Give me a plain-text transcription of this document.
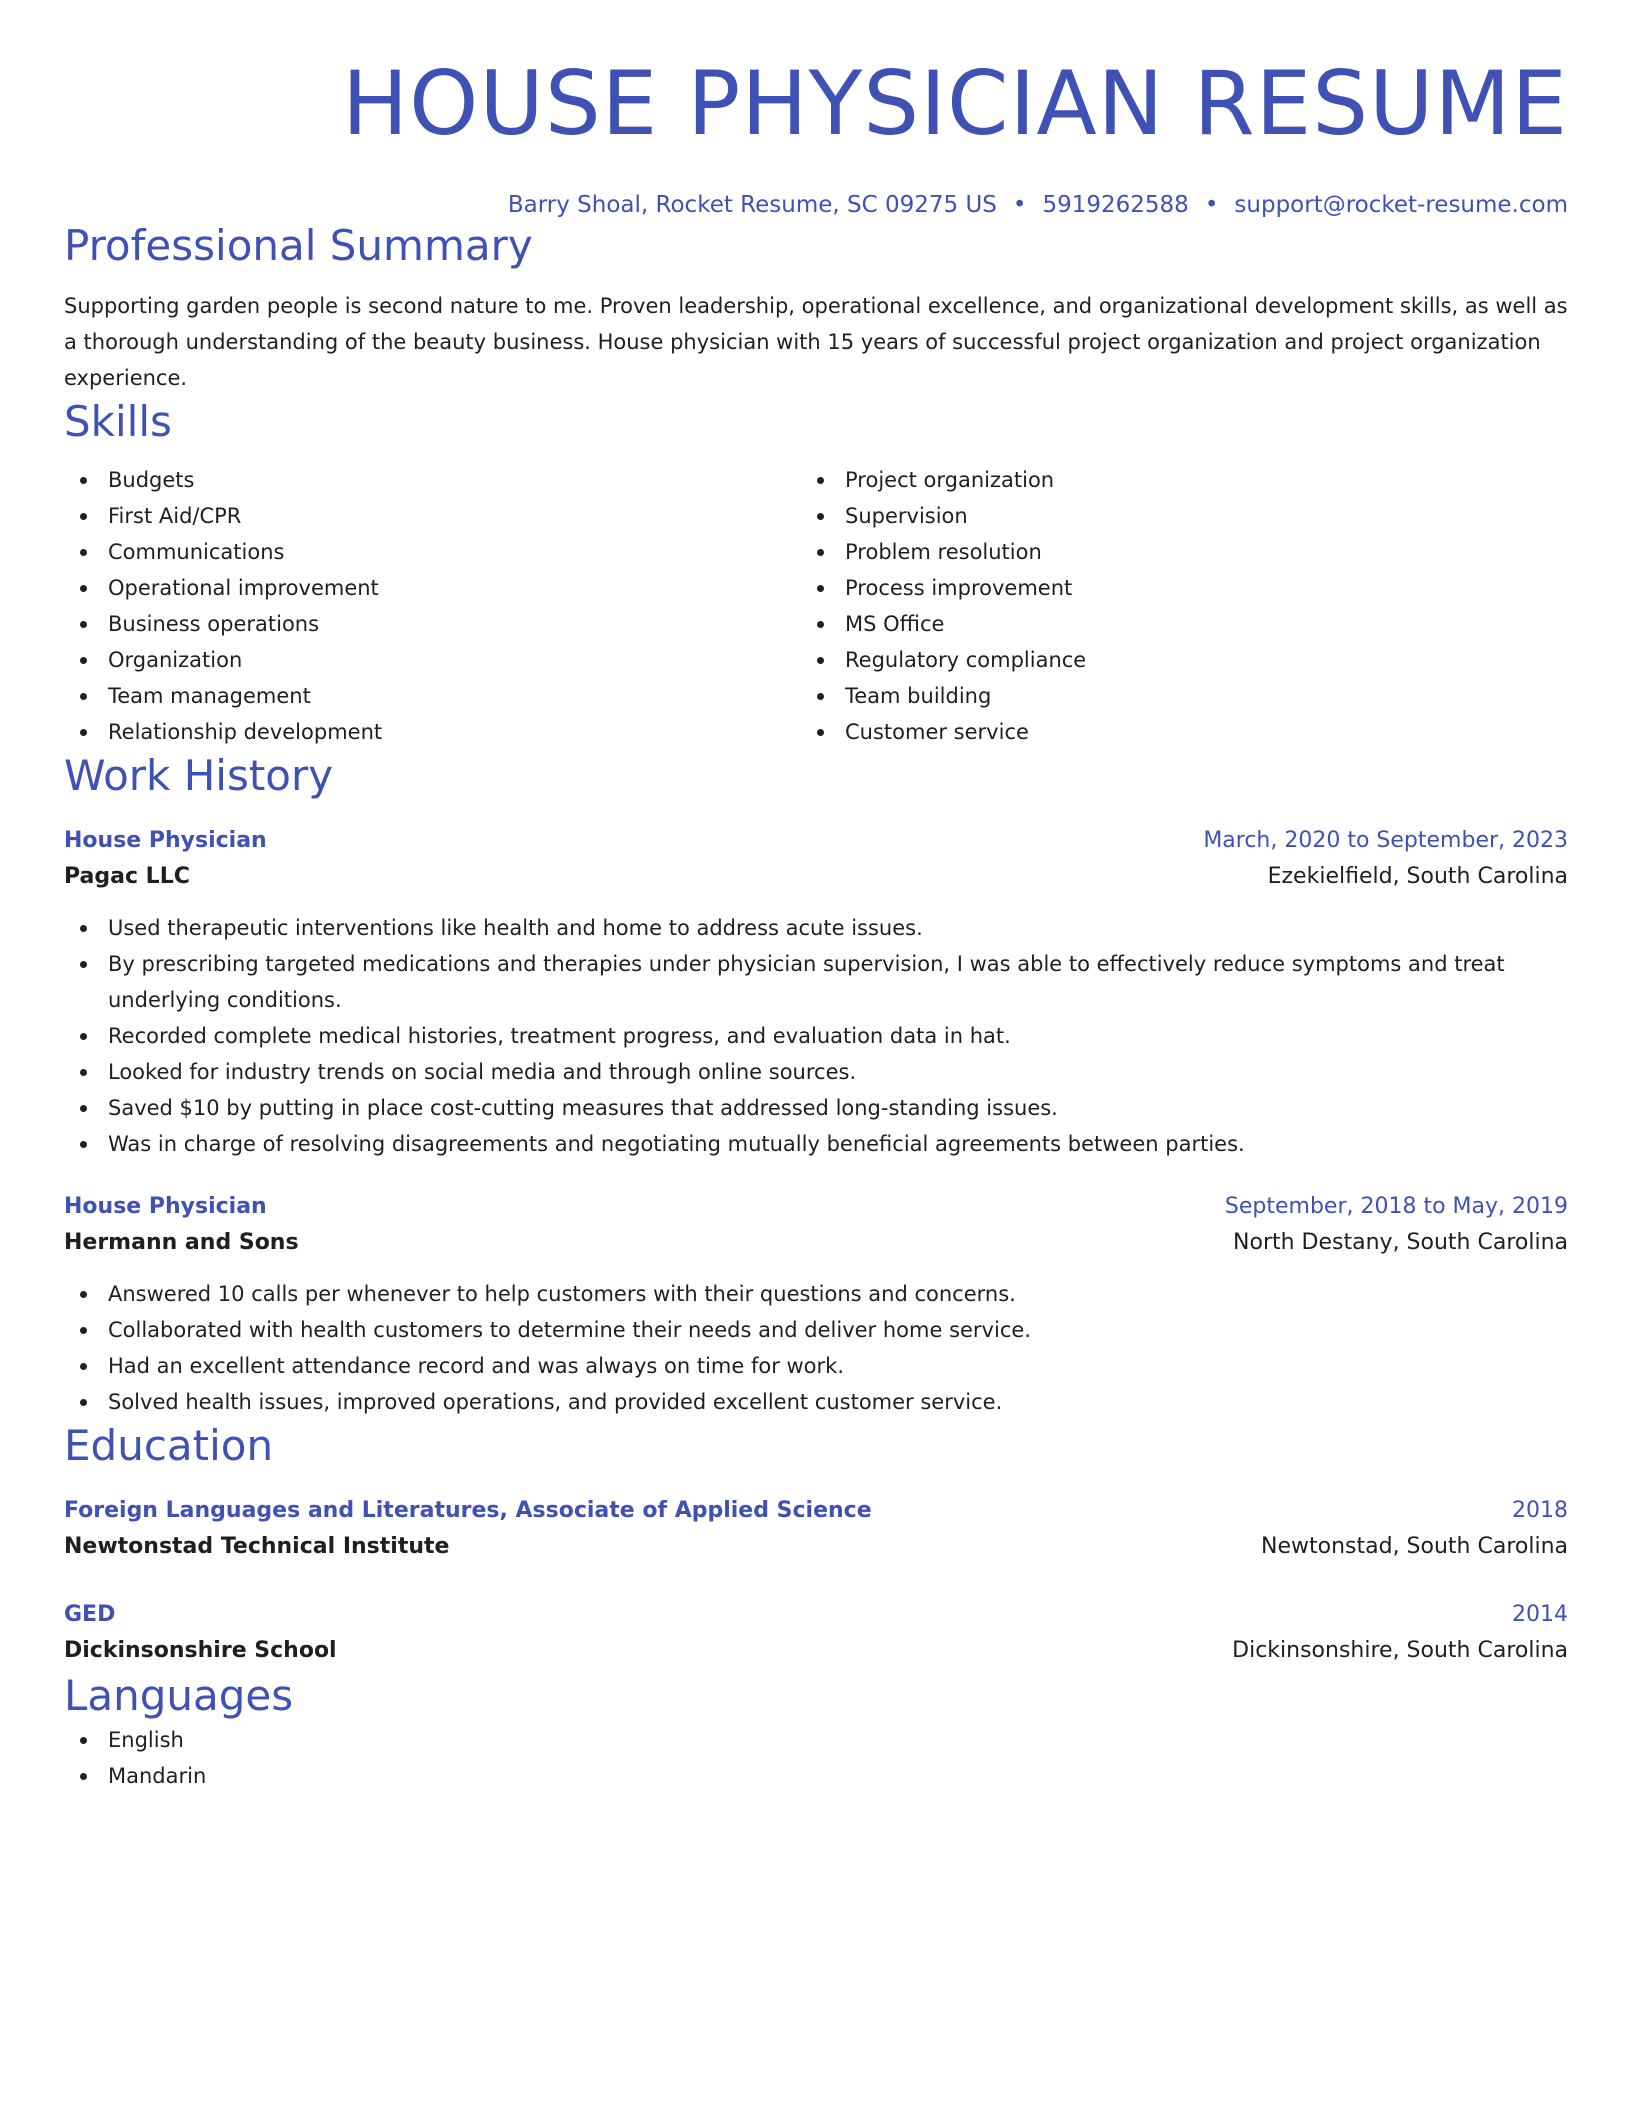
HOUSE PHYSICIAN RESUME
Barry Shoal, Rocket Resume, SC 09275 US • 5919262588 • support@rocket-resume.com
Professional Summary

Supporting garden people is second nature to me. Proven leadership, operational excellence, and organizational development skills, as well as a thorough understanding of the beauty business. House physician with 15 years of successful project organization and project organization experience.

Skills
Budgets
First Aid/CPR
Communications
Operational improvement
Business operations
Organization
Team management
Relationship development
Project organization
Supervision
Problem resolution
Process improvement
MS Office
Regulatory compliance
Team building
Customer service
Work History
House Physician	March, 2020 to September, 2023
Pagac LLC	Ezekielfield, South Carolina
Used therapeutic interventions like health and home to address acute issues.
By prescribing targeted medications and therapies under physician supervision, I was able to effectively reduce symptoms and treat underlying conditions.
Recorded complete medical histories, treatment progress, and evaluation data in hat.
Looked for industry trends on social media and through online sources.
Saved $10 by putting in place cost-cutting measures that addressed long-standing issues.
Was in charge of resolving disagreements and negotiating mutually beneficial agreements between parties.
House Physician	September, 2018 to May, 2019
Hermann and Sons	North Destany, South Carolina
Answered 10 calls per whenever to help customers with their questions and concerns.
Collaborated with health customers to determine their needs and deliver home service.
Had an excellent attendance record and was always on time for work.
Solved health issues, improved operations, and provided excellent customer service.
Education
Foreign Languages and Literatures, Associate of Applied Science	2018
Newtonstad Technical Institute	Newtonstad, South Carolina
GED	2014
Dickinsonshire School	Dickinsonshire, South Carolina
Languages
English
Mandarin
